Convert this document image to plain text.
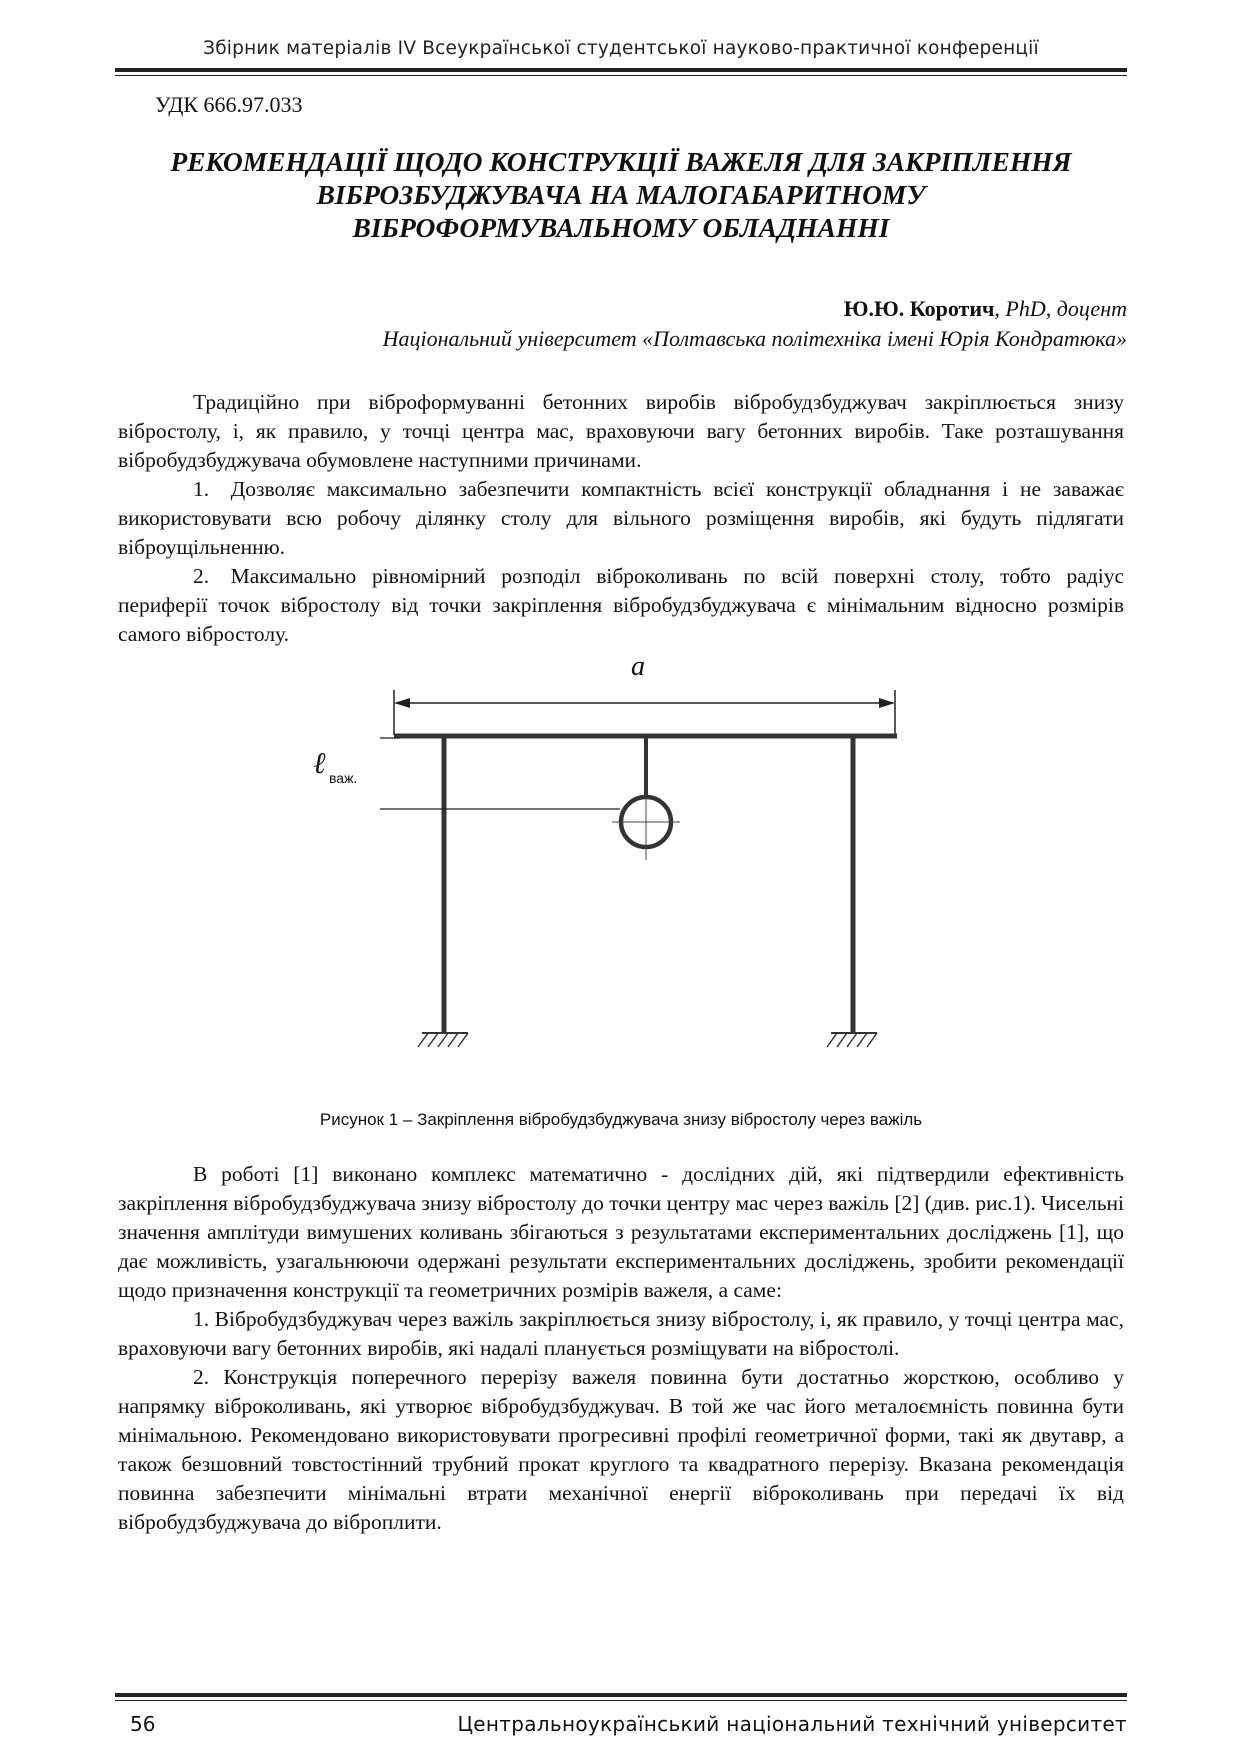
Збірник матеріалів IV Всеукраїнської студентської науково-практичної конференції
УДК 666.97.033
РЕКОМЕНДАЦІЇ ЩОДО КОНСТРУКЦІЇ ВАЖЕЛЯ ДЛЯ ЗАКРІПЛЕННЯ
ВІБРОЗБУДЖУВАЧА НА МАЛОГАБАРИТНОМУ
ВІБРОФОРМУВАЛЬНОМУ ОБЛАДНАННІ
Ю.Ю. Коротич, PhD, доцент
Національний університет «Полтавська політехніка імені Юрія Кондратюка»

Традиційно при віброформуванні бетонних виробів вібробудзбуджувач закріплюється знизу вібростолу, і, як правило, у точці центра мас, враховуючи вагу бетонних виробів. Таке розташування вібробудзбуджувача обумовлене наступними причинами.

1. Дозволяє максимально забезпечити компактність всієї конструкції обладнання і не заважає використовувати всю робочу ділянку столу для вільного розміщення виробів, які будуть підлягати віброущільненню.

2. Максимально рівномірний розподіл віброколивань по всій поверхні столу, тобто радіус периферії точок вібростолу від точки закріплення вібробудзбуджувача є мінімальним відносно розмірів самого вібростолу.

a
ℓ важ.
Рисунок 1 – Закріплення вібробудзбуджувача знизу вібростолу через важіль

В роботі [1] виконано комплекс математично - дослідних дій, які підтвердили ефективність закріплення вібробудзбуджувача знизу вібростолу до точки центру мас через важіль [2] (див. рис.1). Чисельні значення амплітуди вимушених коливань збігаються з результатами експериментальних досліджень [1], що дає можливість, узагальнюючи одержані результати експериментальних досліджень, зробити рекомендації щодо призначення конструкції та геометричних розмірів важеля, а саме:

1. Вібробудзбуджувач через важіль закріплюється знизу вібростолу, і, як правило, у точці центра мас, враховуючи вагу бетонних виробів, які надалі планується розміщувати на вібростолі.

2. Конструкція поперечного перерізу важеля повинна бути достатньо жорсткою, особливо у напрямку віброколивань, які утворює вібробудзбуджувач. В той же час його металоємність повинна бути мінімальною. Рекомендовано використовувати прогресивні профілі геометричної форми, такі як двутавр, а також безшовний товстостінний трубний прокат круглого та квадратного перерізу. Вказана рекомендація повинна забезпечити мінімальні втрати механічної енергії віброколивань при передачі їх від вібробудзбуджувача до віброплити.

56	Центральноукраїнський національний технічний університет
